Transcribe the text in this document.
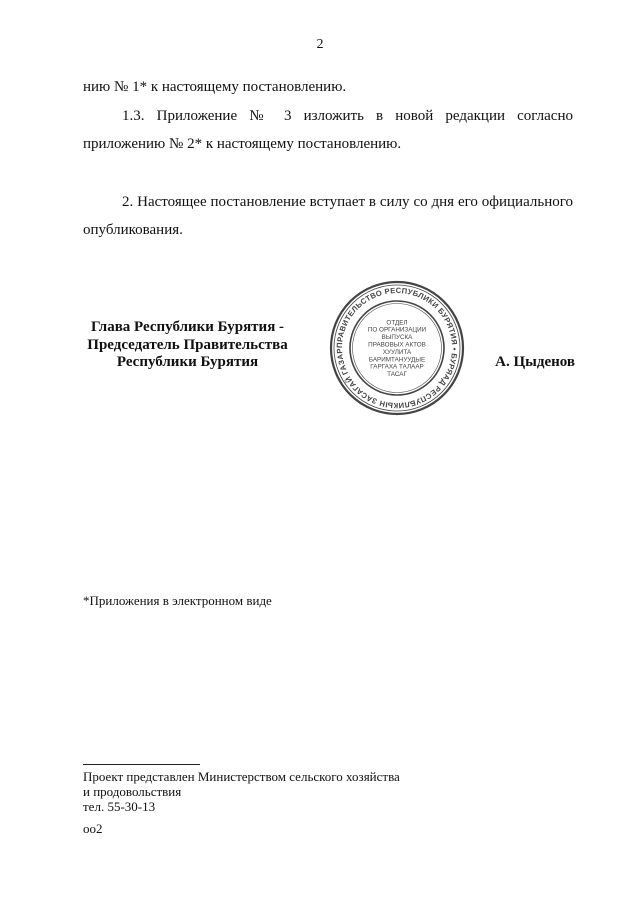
2

нию № 1* к настоящему постановлению.

1.3. Приложение № 3 изложить в новой редакции согласно приложению № 2* к настоящему постановлению.

2. Настоящее постановление вступает в силу со дня его официального опубликования.

Глава Республики Бурятия -
Председатель Правительства
Республики Бурятия
ПРАВИТЕЛЬСТВО РЕСПУБЛИКИ БУРЯТИЯ • БУРЯАД РЕСПУБЛИКЫН ЗАСАГАЙ ГАЗАР
ОТДЕЛ
ПО ОРГАНИЗАЦИИ
ВЫПУСКА
ПРАВОВЫХ АКТОВ
ХУУЛИТА
БАРИМТАНУУДЫЕ
ГАРГАХА ТАЛААР
ТАСАГ
А. Цыденов
*Приложения в электронном виде
Проект представлен Министерством сельского хозяйства
и продовольствия
тел. 55-30-13
oo2
